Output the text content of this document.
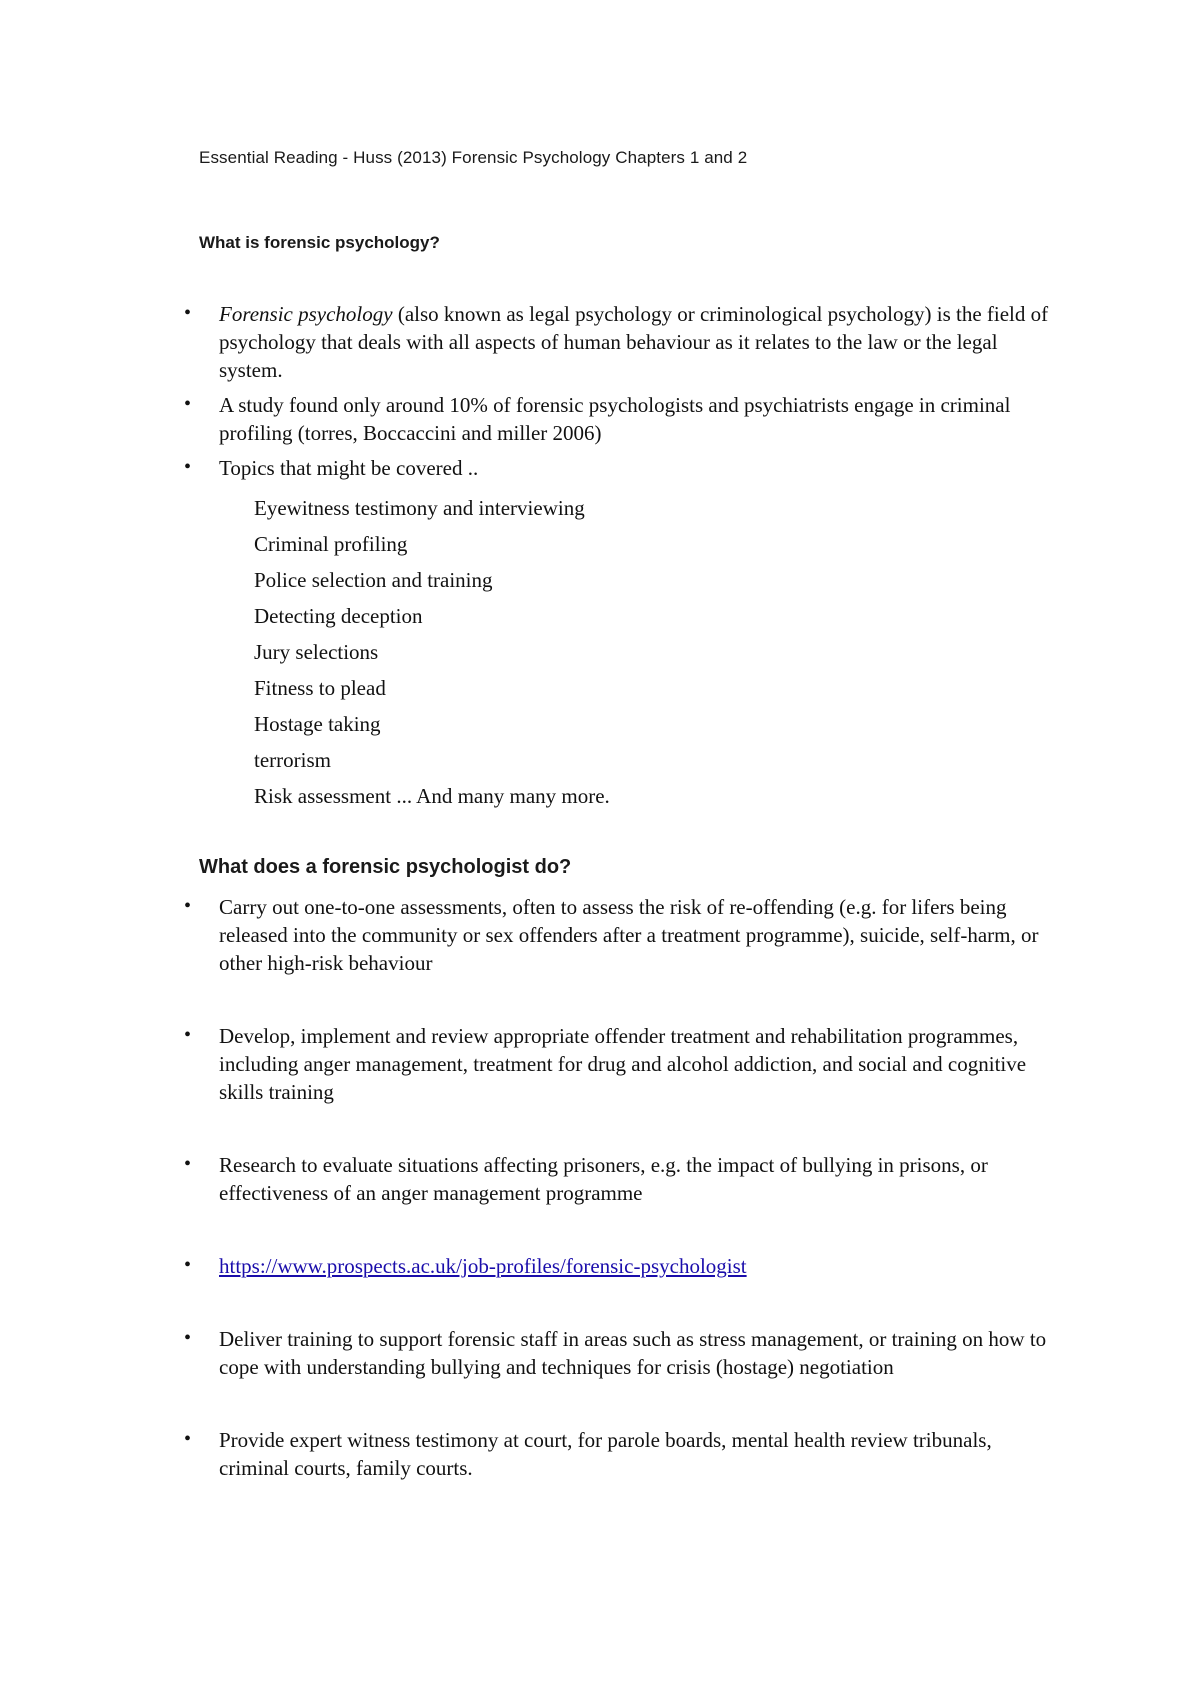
Essential Reading - Huss (2013) Forensic Psychology Chapters 1 and 2
What is forensic psychology?
• Forensic psychology (also known as legal psychology or criminological psychology) is the field of psychology that deals with all aspects of human behaviour as it relates to the law or the legal system.
• A study found only around 10% of forensic psychologists and psychiatrists engage in criminal profiling (torres, Boccaccini and miller 2006)
• Topics that might be covered ..
Eyewitness testimony and interviewing
Criminal profiling
Police selection and training
Detecting deception
Jury selections
Fitness to plead
Hostage taking
terrorism
Risk assessment ... And many many more.
What does a forensic psychologist do?
• Carry out one-to-one assessments, often to assess the risk of re-offending (e.g. for lifers being released into the community or sex offenders after a treatment programme), suicide, self-harm, or other high-risk behaviour
• Develop, implement and review appropriate offender treatment and rehabilitation programmes, including anger management, treatment for drug and alcohol addiction, and social and cognitive skills training
• Research to evaluate situations affecting prisoners, e.g. the impact of bullying in prisons, or effectiveness of an anger management programme
• https://www.prospects.ac.uk/job-profiles/forensic-psychologist
• Deliver training to support forensic staff in areas such as stress management, or training on how to cope with understanding bullying and techniques for crisis (hostage) negotiation
• Provide expert witness testimony at court, for parole boards, mental health review tribunals, criminal courts, family courts.
